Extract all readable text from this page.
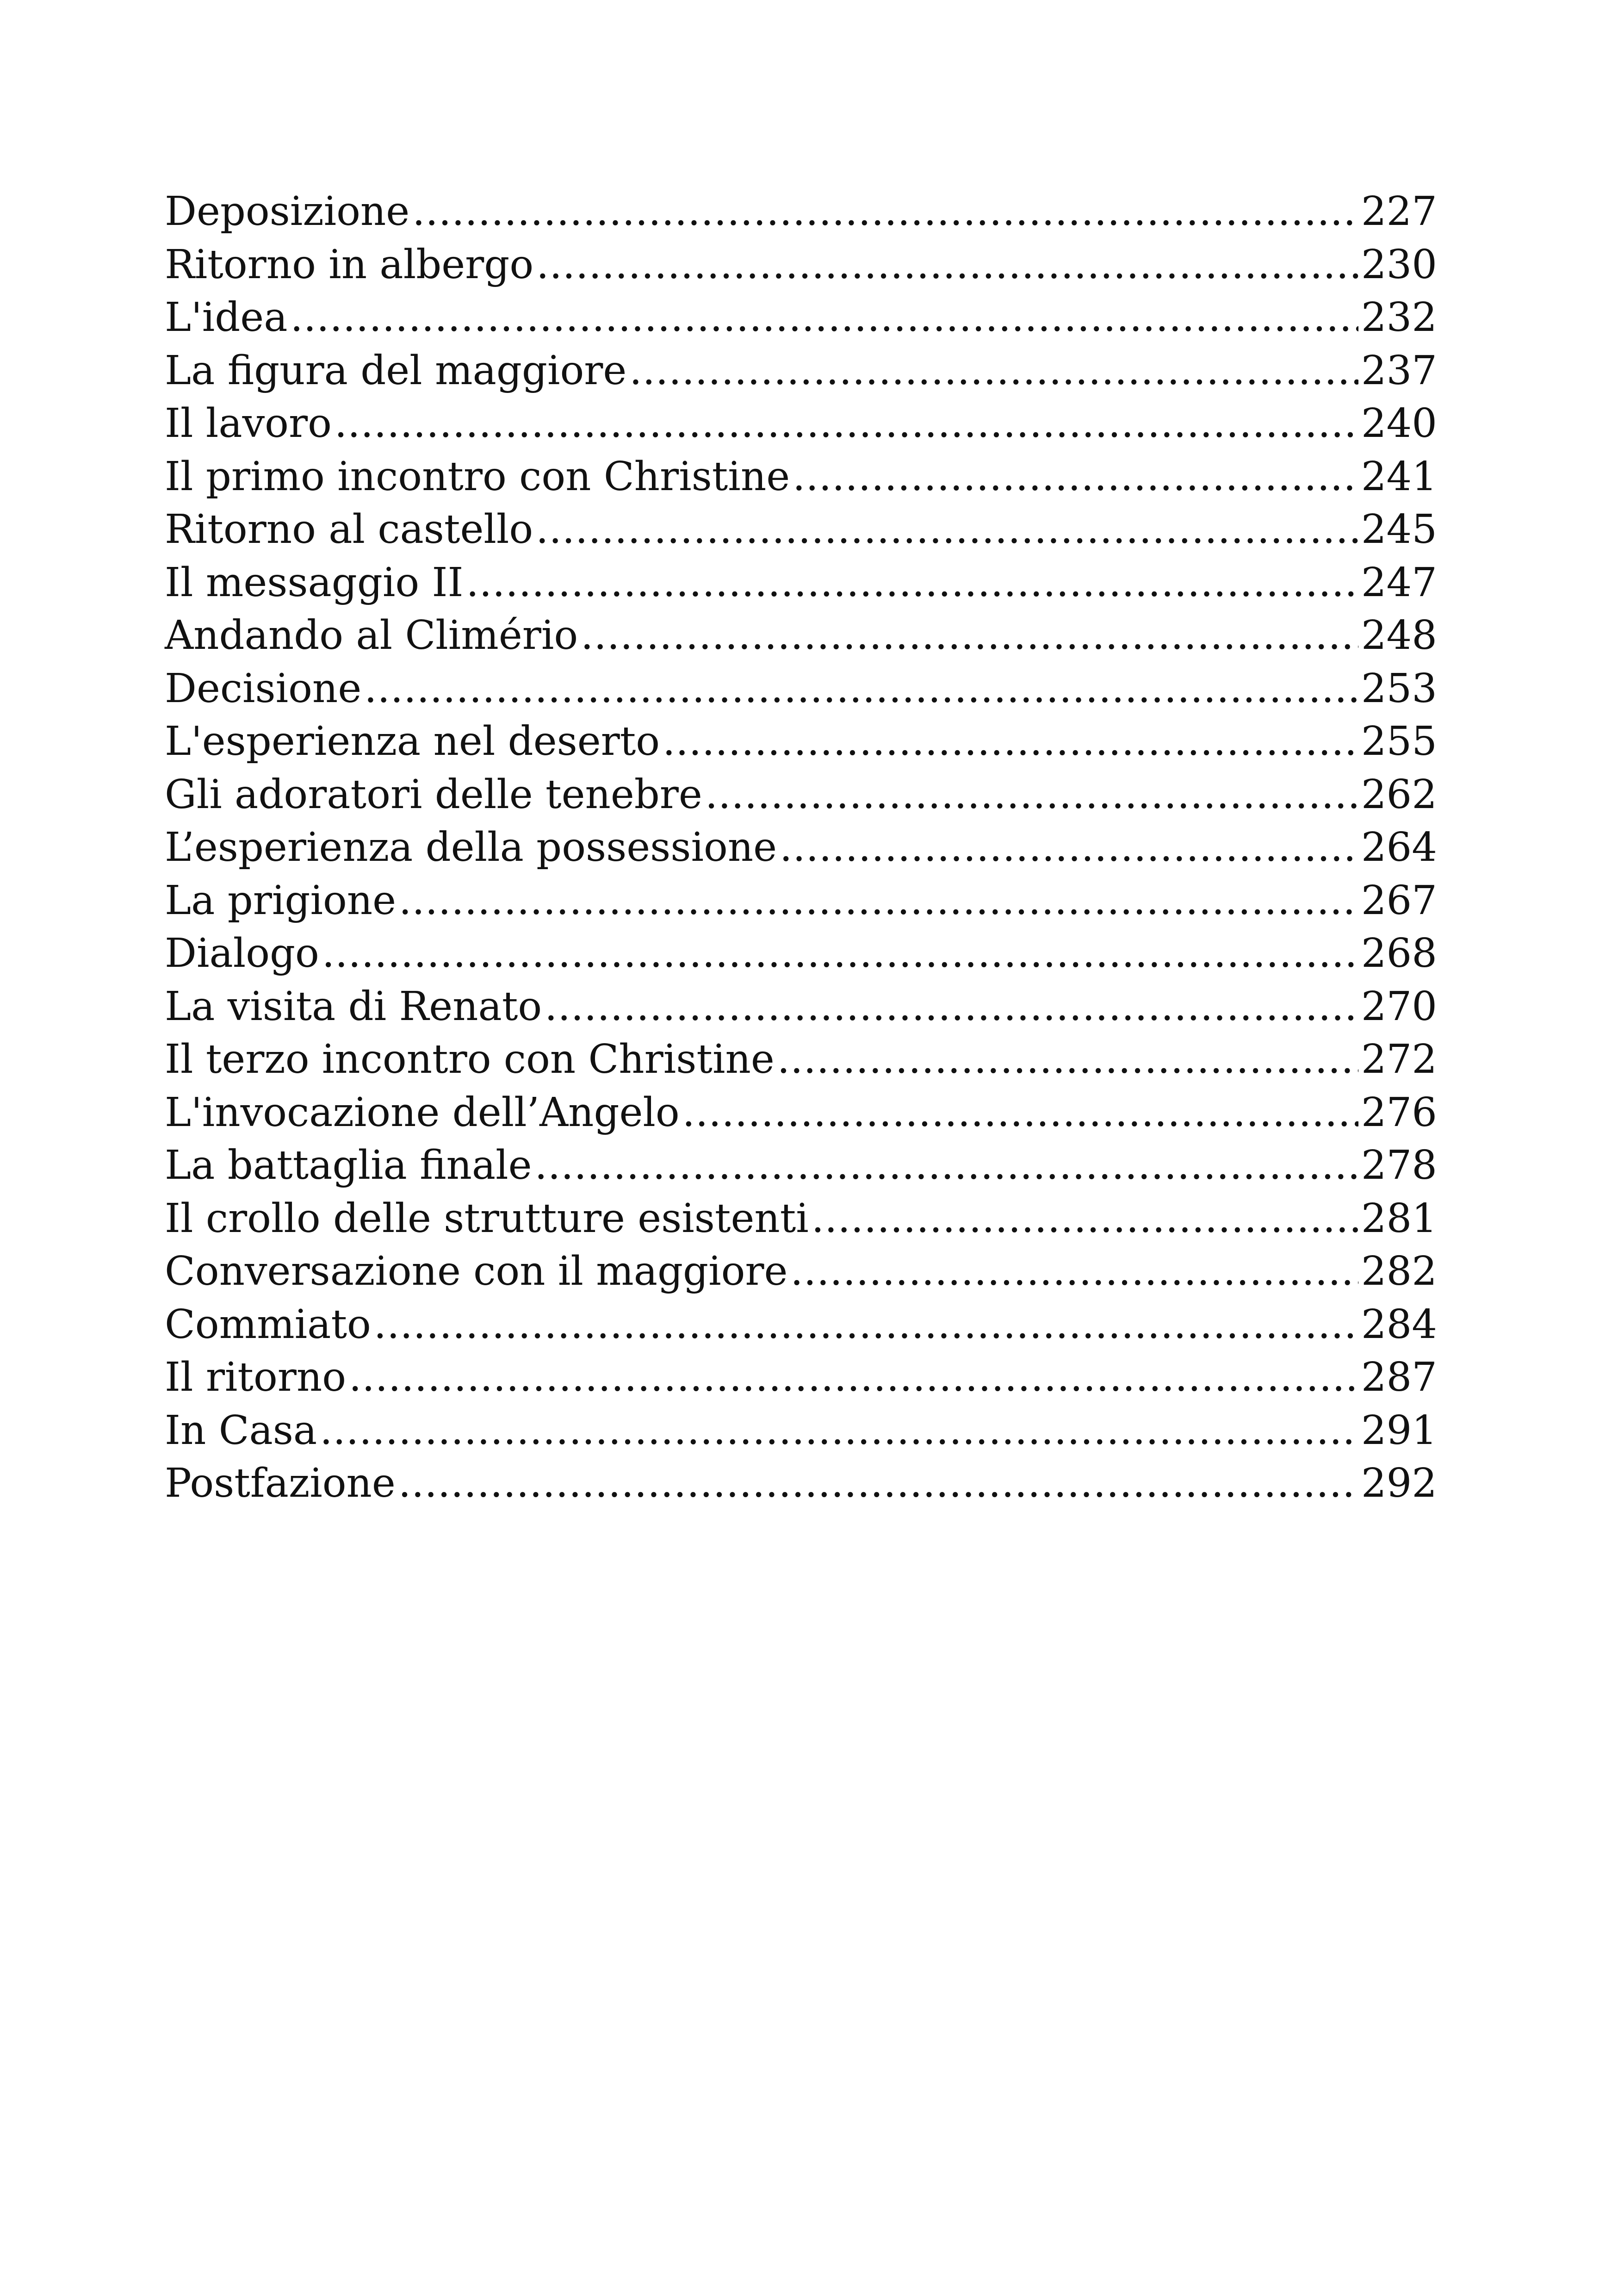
Deposizione .....	227
Ritorno in albergo .....	230
L'idea .....	232
La figura del maggiore .....	237
Il lavoro .....	240
Il primo incontro con Christine .....	241
Ritorno al castello .....	245
Il messaggio II .....	247
Andando al Climério .....	248
Decisione .....	253
L'esperienza nel deserto .....	255
Gli adoratori delle tenebre .....	262
L’esperienza della possessione .....	264
La prigione .....	267
Dialogo .....	268
La visita di Renato .....	270
Il terzo incontro con Christine .....	272
L'invocazione dell’Angelo .....	276
La battaglia finale .....	278
Il crollo delle strutture esistenti .....	281
Conversazione con il maggiore .....	282
Commiato .....	284
Il ritorno .....	287
In Casa .....	291
Postfazione .....	292
